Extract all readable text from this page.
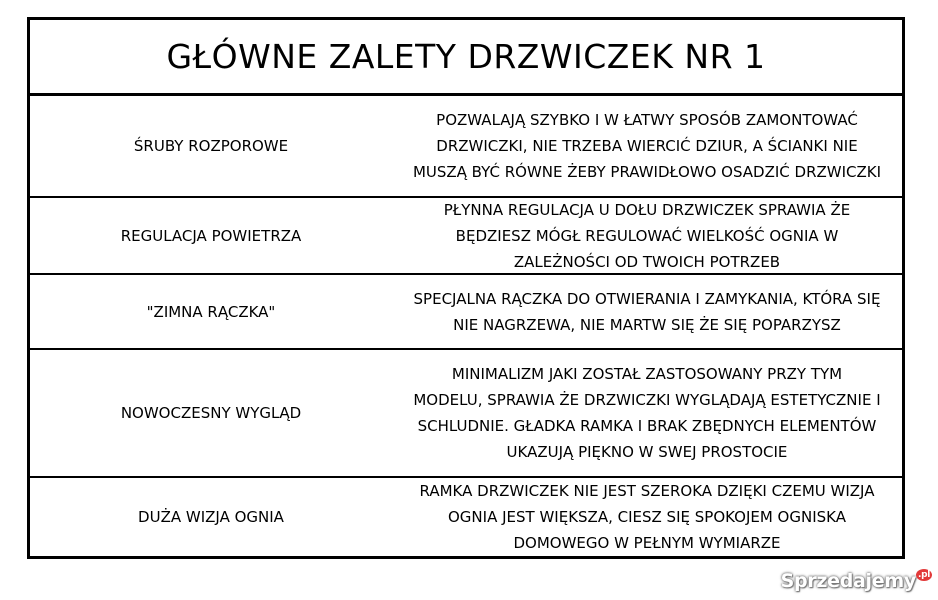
GŁÓWNE ZALETY DRZWICZEK NR 1
ŚRUBY ROZPOROWE
POZWALAJĄ SZYBKO I W ŁATWY SPOSÓB ZAMONTOWAĆ
DRZWICZKI, NIE TRZEBA WIERCIĆ DZIUR, A ŚCIANKI NIE
MUSZĄ BYĆ RÓWNE ŻEBY PRAWIDŁOWO OSADZIĆ DRZWICZKI
REGULACJA POWIETRZA
PŁYNNA REGULACJA U DOŁU DRZWICZEK SPRAWIA ŻE
BĘDZIESZ MÓGŁ REGULOWAĆ WIELKOŚĆ OGNIA W
ZALEŻNOŚCI OD TWOICH POTRZEB
"ZIMNA RĄCZKA"
SPECJALNA RĄCZKA DO OTWIERANIA I ZAMYKANIA, KTÓRA SIĘ
NIE NAGRZEWA, NIE MARTW SIĘ ŻE SIĘ POPARZYSZ
NOWOCZESNY WYGLĄD
MINIMALIZM JAKI ZOSTAŁ ZASTOSOWANY PRZY TYM
MODELU, SPRAWIA ŻE DRZWICZKI WYGLĄDAJĄ ESTETYCZNIE I
SCHLUDNIE. GŁADKA RAMKA I BRAK ZBĘDNYCH ELEMENTÓW
UKAZUJĄ PIĘKNO W SWEJ PROSTOCIE
DUŻA WIZJA OGNIA
RAMKA DRZWICZEK NIE JEST SZEROKA DZIĘKI CZEMU WIZJA
OGNIA JEST WIĘKSZA, CIESZ SIĘ SPOKOJEM OGNISKA
DOMOWEGO W PEŁNYM WYMIARZE
Sprzedajemy $^{.pl}$
